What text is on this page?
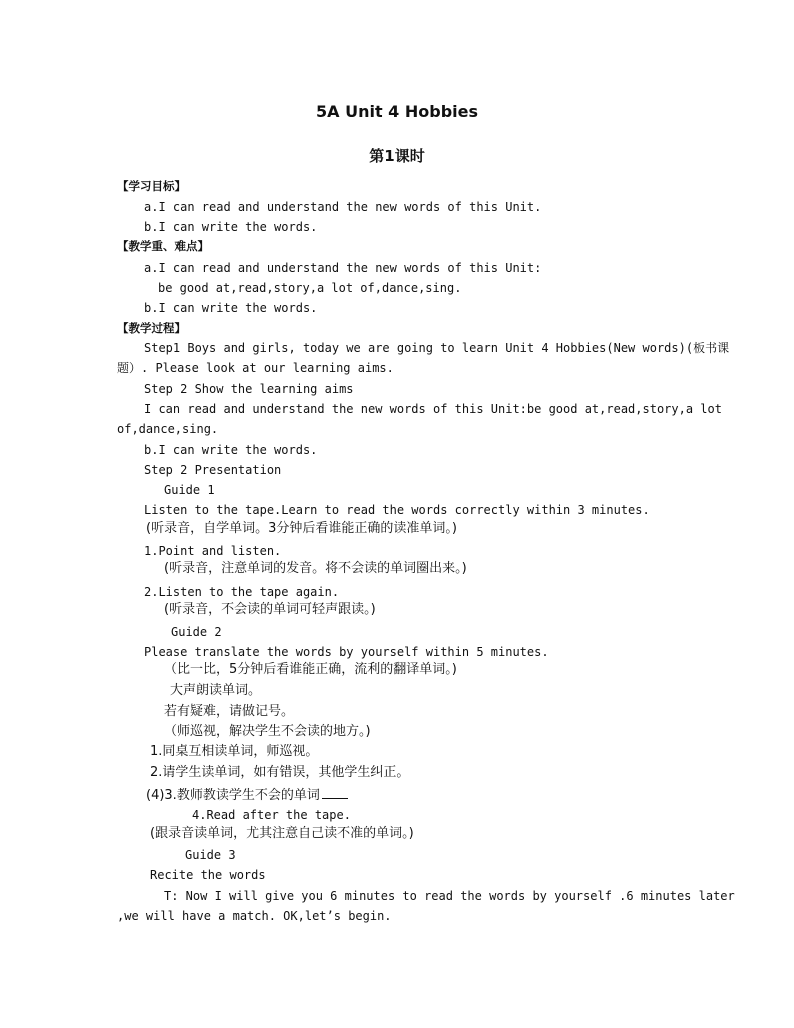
5A Unit 4 Hobbies
第1课时
【学习目标】
a.I can read and understand the new words of this Unit.
b.I can write the words.
【教学重、难点】
a.I can read and understand the new words of this Unit:
be good at,read,story,a lot of,dance,sing.
b.I can write the words.
【教学过程】
Step1 Boys and girls, today we are going to learn Unit 4 Hobbies(New words)(板书课
题）. Please look at our learning aims.
Step 2 Show the learning aims
I can read and understand the new words of this Unit:be good at,read,story,a lot
of,dance,sing.
b.I can write the words.
Step 2 Presentation
Guide 1
Listen to the tape.Learn to read the words correctly within 3 minutes.
(听录音，自学单词。3分钟后看谁能正确的读准单词。)
1.Point and listen.
(听录音，注意单词的发音。将不会读的单词圈出来。)
2.Listen to the tape again.
(听录音，不会读的单词可轻声跟读。)
Guide 2
Please translate the words by yourself within 5 minutes.
（比一比，5分钟后看谁能正确，流利的翻译单词。)
大声朗读单词。
若有疑难，请做记号。
（师巡视，解决学生不会读的地方。)
1.同桌互相读单词，师巡视。
2.请学生读单词，如有错误，其他学生纠正。
(4)3.教师教读学生不会的单词
4.Read after the tape.
(跟录音读单词，尤其注意自己读不准的单词。)
Guide 3
Recite the words
T: Now I will give you 6 minutes to read the words by yourself .6 minutes later
,we will have a match. OK,let’s begin.
